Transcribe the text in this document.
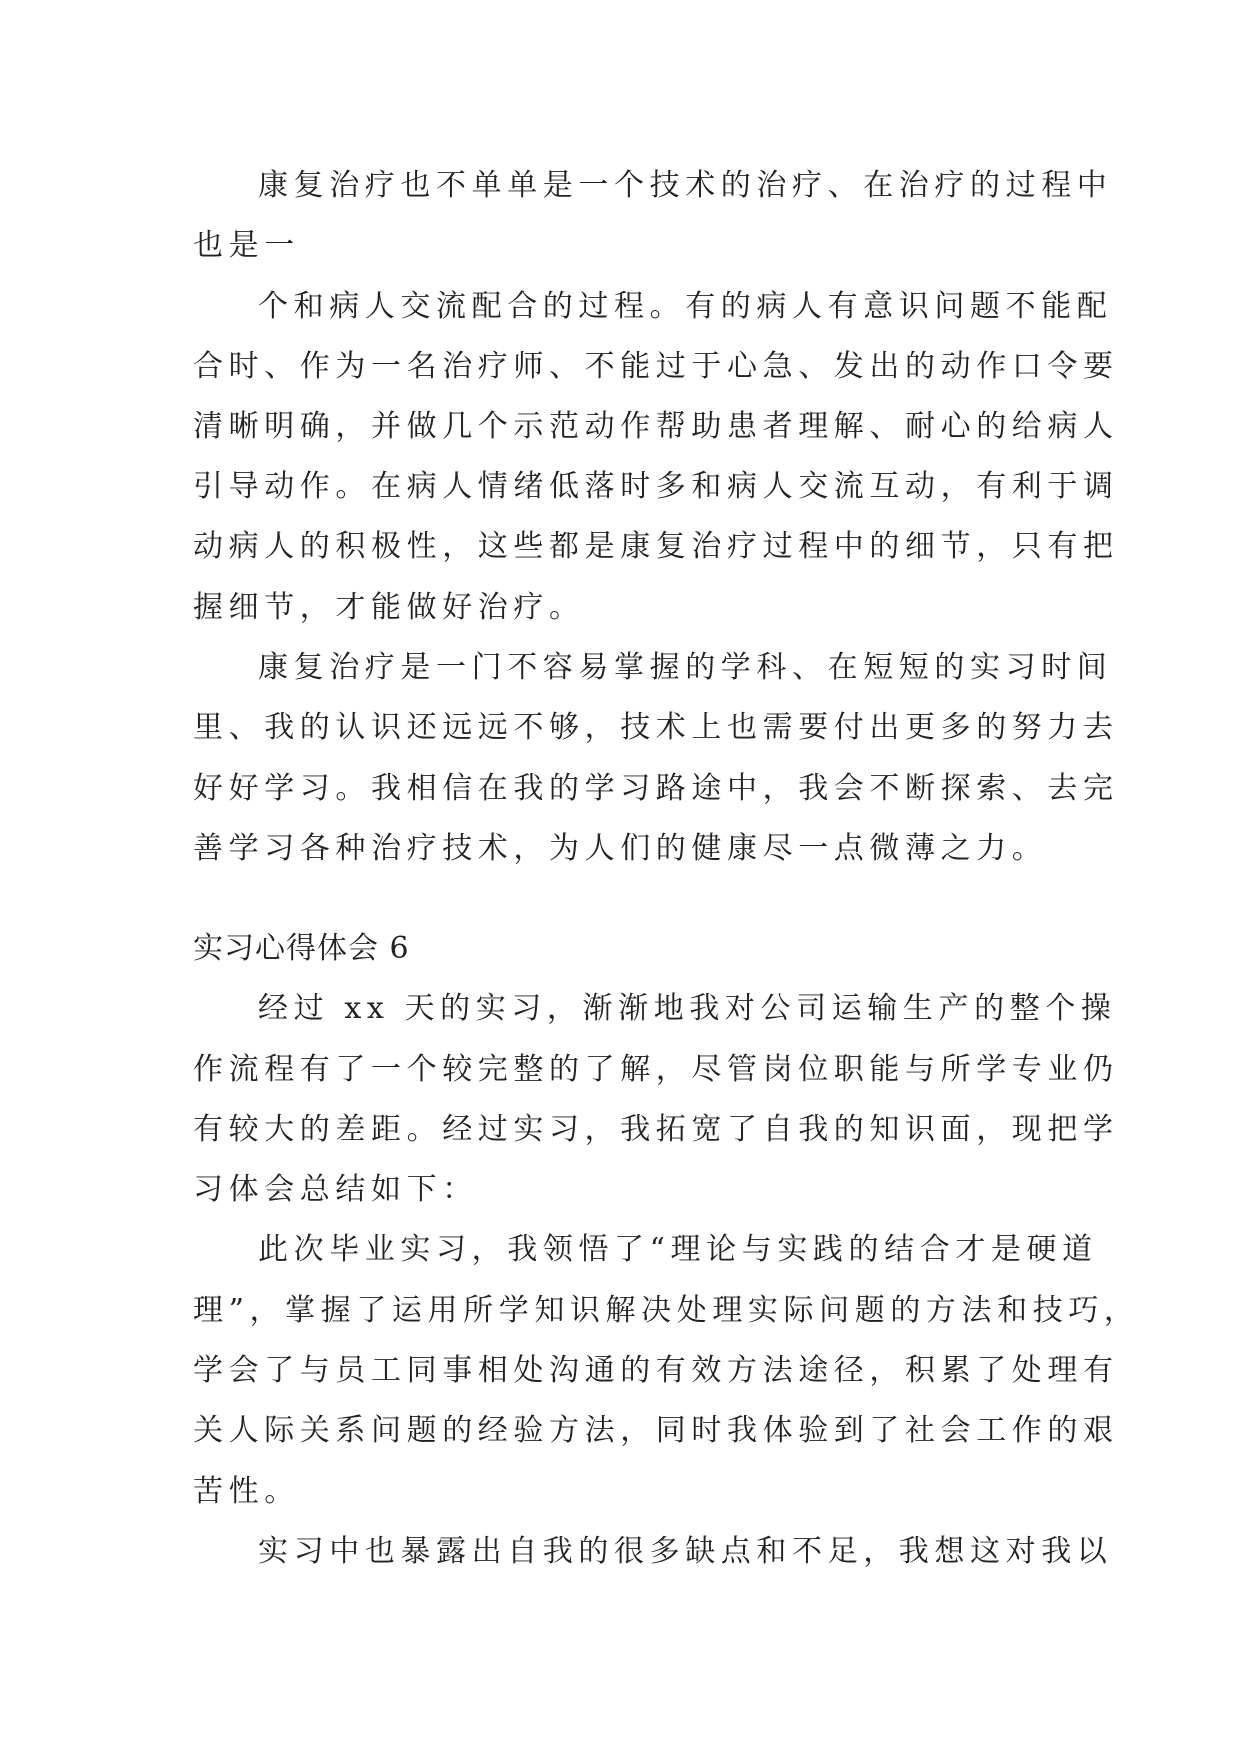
康复治疗也不单单是一个技术的治疗、在治疗的过程中
也是一
个和病人交流配合的过程。有的病人有意识问题不能配
合时、作为一名治疗师、不能过于心急、发出的动作口令要
清晰明确，并做几个示范动作帮助患者理解、耐心的给病人
引导动作。在病人情绪低落时多和病人交流互动，有利于调
动病人的积极性，这些都是康复治疗过程中的细节，只有把
握细节，才能做好治疗。
康复治疗是一门不容易掌握的学科、在短短的实习时间
里、我的认识还远远不够，技术上也需要付出更多的努力去
好好学习。我相信在我的学习路途中，我会不断探索、去完
善学习各种治疗技术，为人们的健康尽一点微薄之力。
实习心得体会 6
经过 xx 天的实习，渐渐地我对公司运输生产的整个操
作流程有了一个较完整的了解，尽管岗位职能与所学专业仍
有较大的差距。经过实习，我拓宽了自我的知识面，现把学
习体会总结如下：
此次毕业实习，我领悟了“理论与实践的结合才是硬道
理”，掌握了运用所学知识解决处理实际问题的方法和技巧，
学会了与员工同事相处沟通的有效方法途径，积累了处理有
关人际关系问题的经验方法，同时我体验到了社会工作的艰
苦性。
实习中也暴露出自我的很多缺点和不足，我想这对我以
